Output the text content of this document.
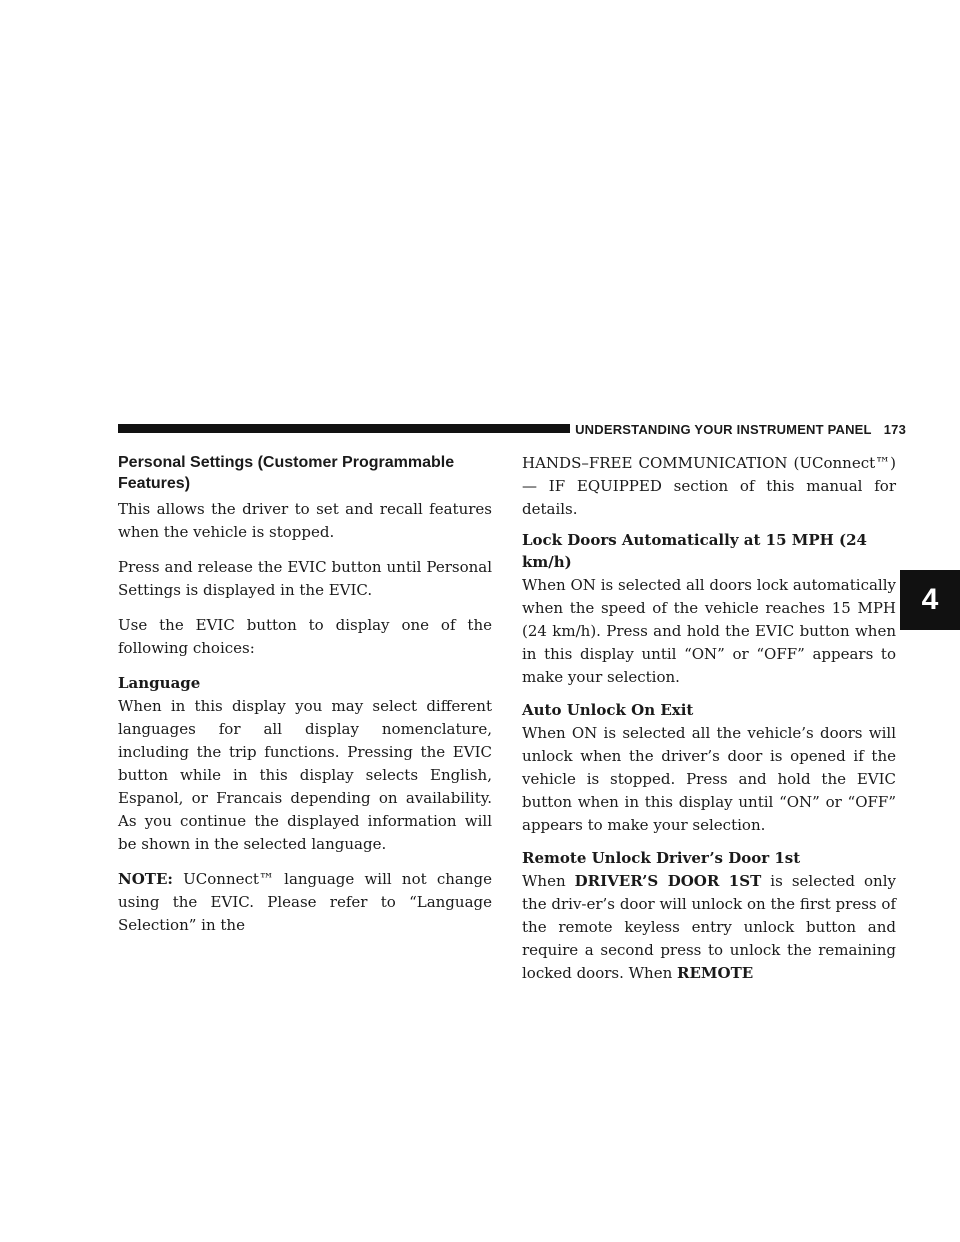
UNDERSTANDING YOUR INSTRUMENT PANEL 173
4
Personal Settings (Customer Programmable Features)

This allows the driver to set and recall features when the vehicle is stopped.

Press and release the EVIC button until Personal Settings is displayed in the EVIC.

Use the EVIC button to display one of the following choices:

Language

When in this display you may select different languages for all display nomenclature, including the trip functions. Pressing the EVIC button while in this display selects English, Espanol, or Francais depending on availability. As you continue the displayed information will be shown in the selected language.

NOTE: UConnect™ language will not change using the EVIC. Please refer to “Language Selection” in the

HANDS–FREE COMMUNICATION (UConnect™) — IF EQUIPPED section of this manual for details.

Lock Doors Automatically at 15 MPH (24 km/h)

When ON is selected all doors lock automatically when the speed of the vehicle reaches 15 MPH (24 km/h). Press and hold the EVIC button when in this display until “ON” or “OFF” appears to make your selection.

Auto Unlock On Exit

When ON is selected all the vehicle’s doors will unlock when the driver’s door is opened if the vehicle is stopped. Press and hold the EVIC button when in this display until “ON” or “OFF” appears to make your selection.

Remote Unlock Driver’s Door 1st

When DRIVER’S DOOR 1ST is selected only the driv-er’s door will unlock on the first press of the remote keyless entry unlock button and require a second press to unlock the remaining locked doors. When REMOTE
